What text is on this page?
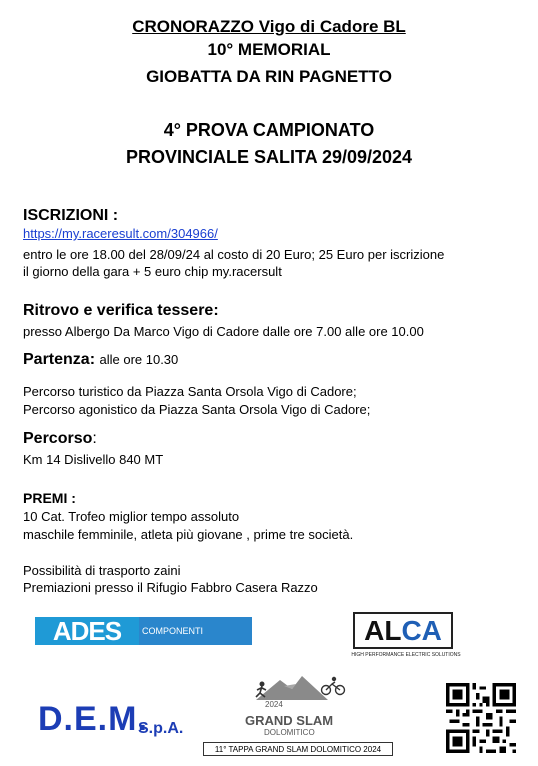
CRONORAZZO Vigo di Cadore BL
10° MEMORIAL
GIOBATTA DA RIN PAGNETTO
4° PROVA CAMPIONATO
PROVINCIALE SALITA 29/09/2024
ISCRIZIONI :
https://my.raceresult.com/304966/
entro le ore 18.00 del 28/09/24 al costo di 20 Euro; 25 Euro per iscrizione
il giorno della gara + 5 euro chip my.racersult
Ritrovo e verifica tessere:
presso Albergo Da Marco Vigo di Cadore dalle ore 7.00 alle ore 10.00
Partenza: alle ore 10.30
Percorso turistico da Piazza Santa Orsola Vigo di Cadore;
Percorso agonistico da Piazza Santa Orsola Vigo di Cadore;
Percorso:
Km 14 Dislivello 840 MT
PREMI :
10 Cat. Trofeo miglior tempo assoluto
maschile femminile, atleta più giovane , prime tre società.
Possibilità di trasporto zaini
Premiazioni presso il Rifugio Fabbro Casera Razzo
ADES	COMPONENTI ELETTRONICI
ALCA
HIGH PERFORMANCE ELECTRIC SOLUTIONS
D.E.M.
S.p.A.
2024
GRAND SLAM
DOLOMITICO
11° TAPPA GRAND SLAM DOLOMITICO 2024
